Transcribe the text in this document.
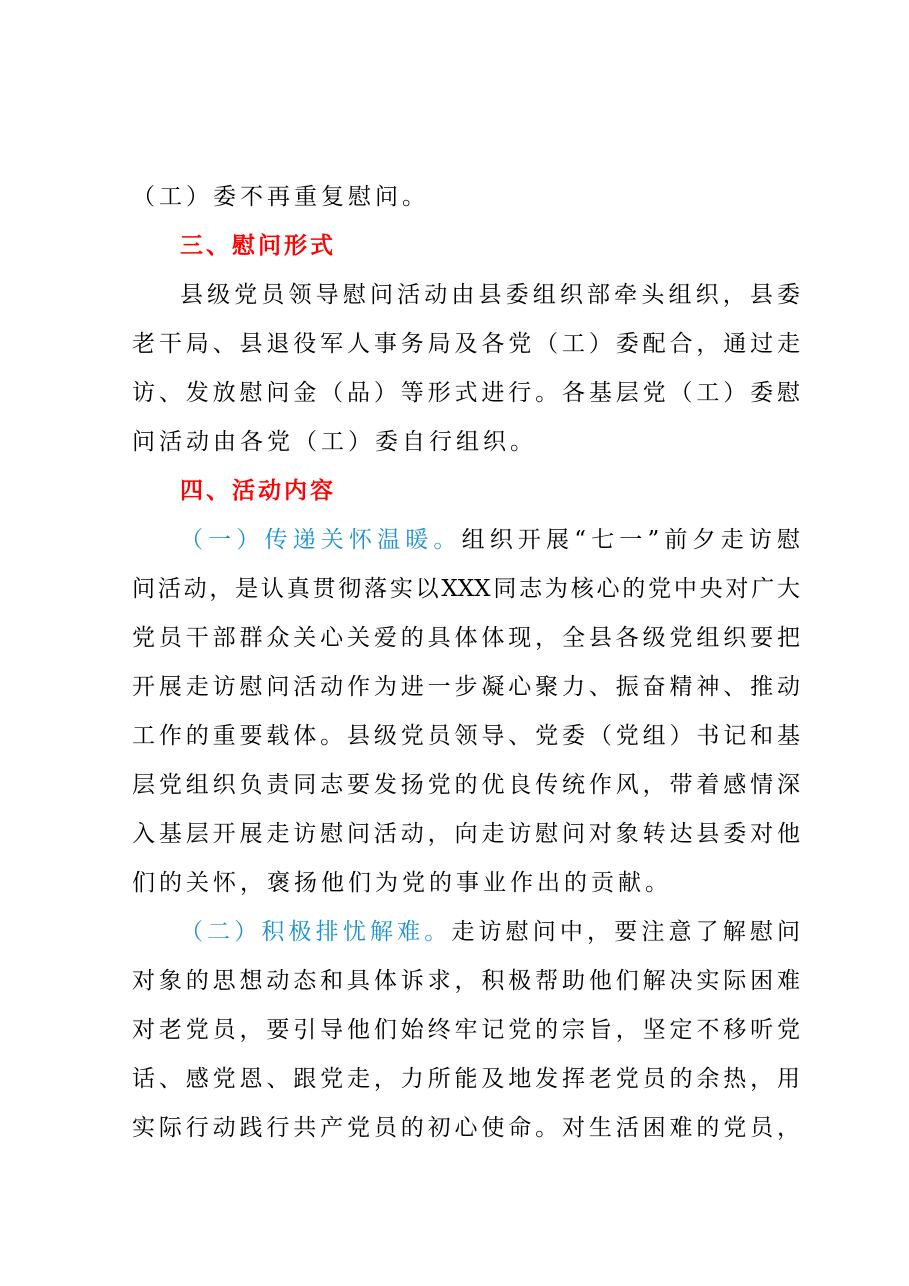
（工）委不再重复慰问。
三、慰问形式
县级党员领导慰问活动由县委组织部牵头组织，县委
老干局、县退役军人事务局及各党（工）委配合，通过走
访、发放慰问金（品）等形式进行。各基层党（工）委慰
问活动由各党（工）委自行组织。
四、活动内容
（一）传递关怀温暖。组织开展“七一”前夕走访慰
问活动，是认真贯彻落实以XXX同志为核心的党中央对广大
党员干部群众关心关爱的具体体现，全县各级党组织要把
开展走访慰问活动作为进一步凝心聚力、振奋精神、推动
工作的重要载体。县级党员领导、党委（党组）书记和基
层党组织负责同志要发扬党的优良传统作风，带着感情深
入基层开展走访慰问活动，向走访慰问对象转达县委对他
们的关怀，褒扬他们为党的事业作出的贡献。
（二）积极排忧解难。走访慰问中，要注意了解慰问
对象的思想动态和具体诉求，积极帮助他们解决实际困难
对老党员，要引导他们始终牢记党的宗旨，坚定不移听党
话、感党恩、跟党走，力所能及地发挥老党员的余热，用
实际行动践行共产党员的初心使命。对生活困难的党员，
